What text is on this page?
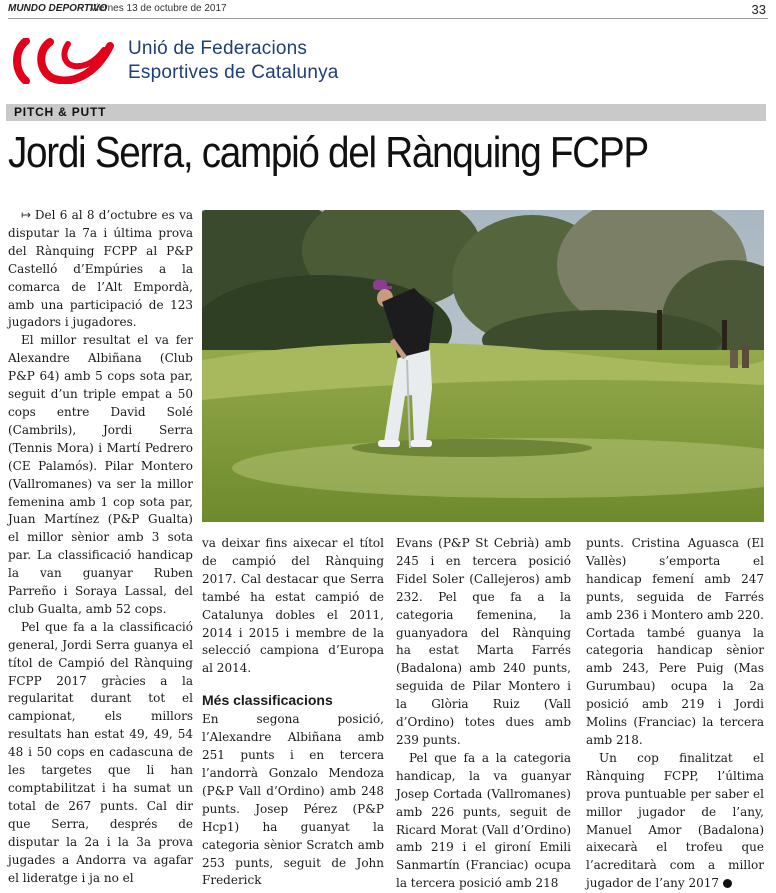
MUNDO DEPORTIVO
Viernes 13 de octubre de 2017	33
Unió de Federacions
Esportives de Catalunya
PITCH & PUTT
Jordi Serra, campió del Rànquing FCPP

↦ Del 6 al 8 d’octubre es va disputar la 7a i última prova del Rànquing FCPP al P&P Castelló d’Empúries a la comarca de l’Alt Empordà, amb una participació de 123 jugadors i jugadores.

El millor resultat el va fer Alexandre Albiñana (Club P&P 64) amb 5 cops sota par, seguit d’un triple empat a 50 cops entre David Solé (Cambrils), Jordi Serra (Tennis Mora) i Martí Pedrero (CE Palamós). Pilar Montero (Vallromanes) va ser la millor femenina amb 1 cop sota par, Juan Martínez (P&P Gualta) el millor sènior amb 3 sota par. La classificació handicap la van guanyar Ruben Parreño i Soraya Lassal, del club Gualta, amb 52 cops.

Pel que fa a la classificació general, Jordi Serra guanya el títol de Campió del Rànquing FCPP 2017 gràcies a la regularitat durant tot el campionat, els millors resultats han estat 49, 49, 54 48 i 50 cops en cadascuna de les targetes que li han comptabilitzat i ha sumat un total de 267 punts. Cal dir que Serra, després de disputar la 2a i la 3a prova jugades a Andorra va agafar el lideratge i ja no el

va deixar fins aixecar el títol de campió del Rànquing 2017. Cal destacar que Serra també ha estat campió de Catalunya dobles el 2011, 2014 i 2015 i membre de la selecció campiona d’Europa al 2014.

Més classificacions

En segona posició, l’Alexandre Albiñana amb 251 punts i en tercera l’andorrà Gonzalo Mendoza (P&P Vall d’Ordino) amb 248 punts. Josep Pérez (P&P Hcp1) ha guanyat la categoria sènior Scratch amb 253 punts, seguit de John Frederick

Evans (P&P St Cebrià) amb 245 i en tercera posició Fidel Soler (Callejeros) amb 232. Pel que fa a la categoria femenina, la guanyadora del Rànquing ha estat Marta Farrés (Badalona) amb 240 punts, seguida de Pilar Montero i la Glòria Ruiz (Vall d’Ordino) totes dues amb 239 punts.

Pel que fa a la categoria handicap, la va guanyar Josep Cortada (Vallromanes) amb 226 punts, seguit de Ricard Morat (Vall d’Ordino) amb 219 i el gironí Emili Sanmartín (Franciac) ocupa la tercera posició amb 218

punts. Cristina Aguasca (El Vallès) s’emporta el handicap femení amb 247 punts, seguida de Farrés amb 236 i Montero amb 220. Cortada també guanya la categoria handicap sènior amb 243, Pere Puig (Mas Gurumbau) ocupa la 2a posició amb 219 i Jordi Molins (Franciac) la tercera amb 218.

Un cop finalitzat el Rànquing FCPP, l’última prova puntuable per saber el millor jugador de l’any, Manuel Amor (Badalona) aixecarà el trofeu que l’acreditarà com a millor jugador de l’any 2017
